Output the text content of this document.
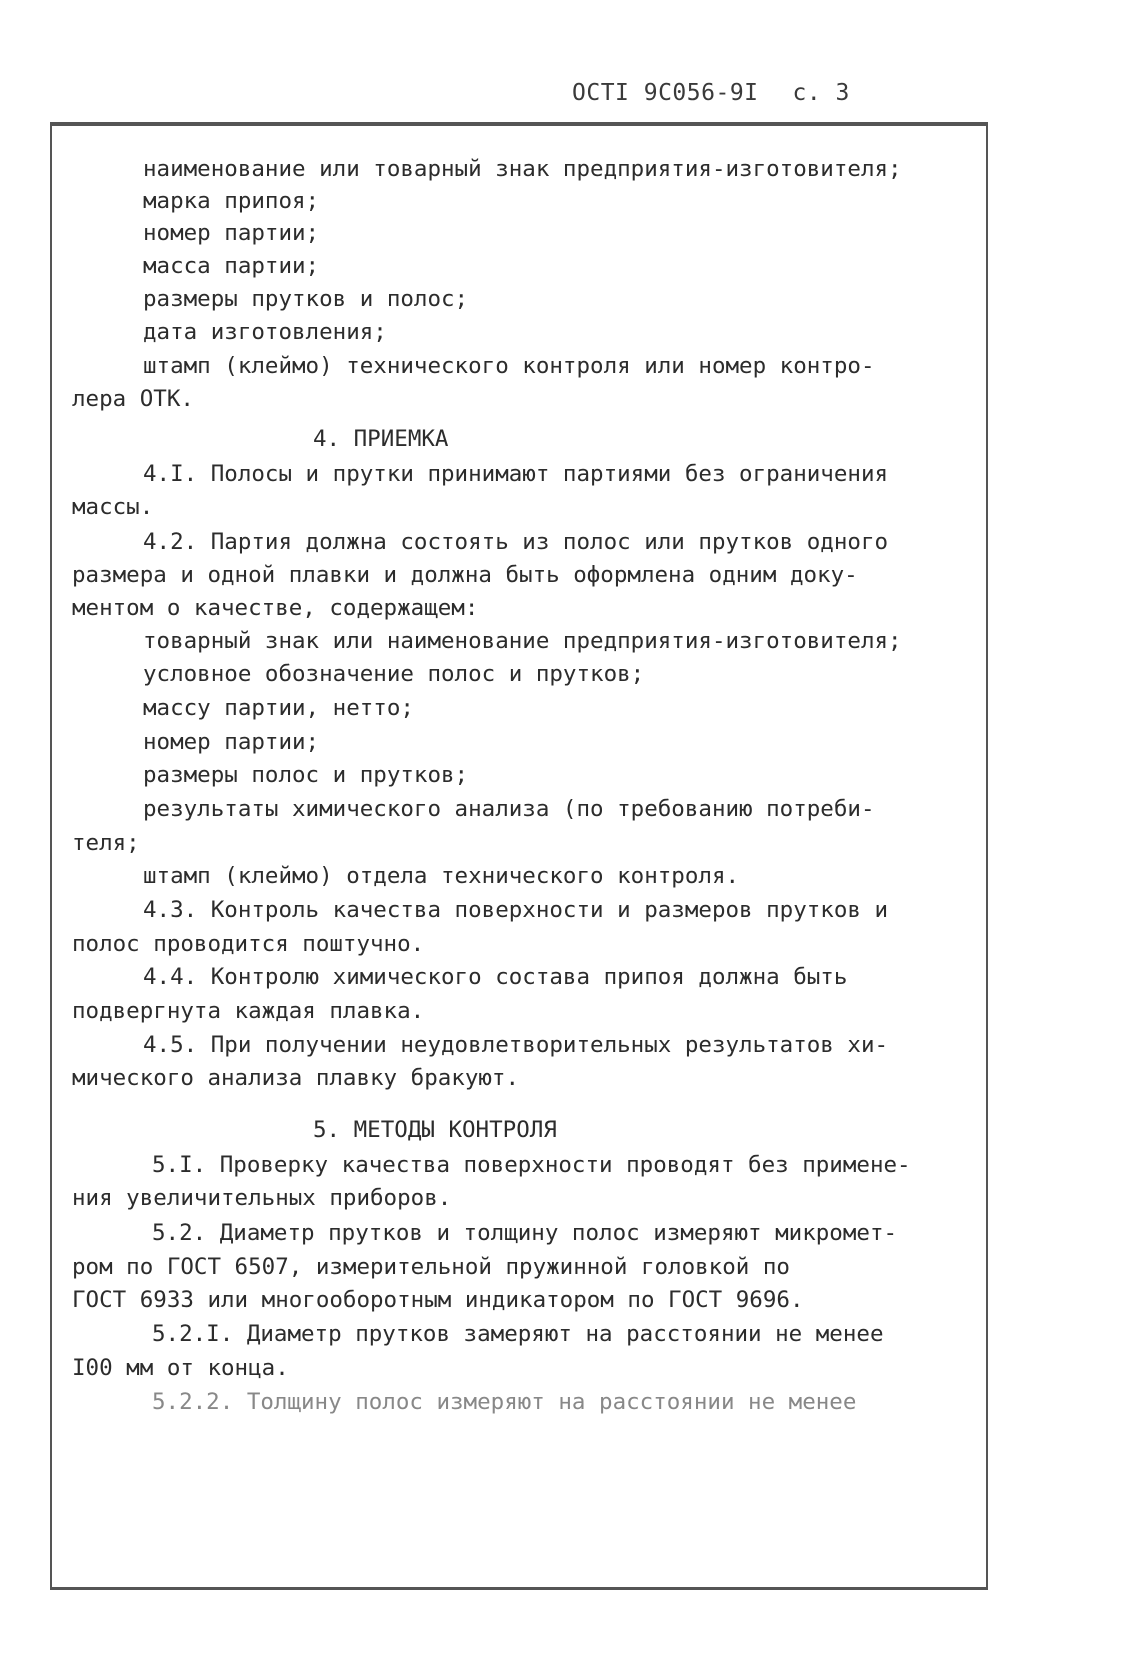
ОСТI 9С056-9I с. 3
наименование или товарный знак предприятия-изготовителя;
марка припоя;
номер партии;
масса партии;
размеры прутков и полос;
дата изготовления;
штамп (клеймо) технического контроля или номер контро-
лера ОТК.
4. ПРИЕМКА
4.I. Полосы и прутки принимают партиями без ограничения
массы.
4.2. Партия должна состоять из полос или прутков одного
размера и одной плавки и должна быть оформлена одним доку-
ментом о качестве, содержащем:
товарный знак или наименование предприятия-изготовителя;
условное обозначение полос и прутков;
массу партии, нетто;
номер партии;
размеры полос и прутков;
результаты химического анализа (по требованию потреби-
теля;
штамп (клеймо) отдела технического контроля.
4.3. Контроль качества поверхности и размеров прутков и
полос проводится поштучно.
4.4. Контролю химического состава припоя должна быть
подвергнута каждая плавка.
4.5. При получении неудовлетворительных результатов хи-
мического анализа плавку бракуют.
5. МЕТОДЫ КОНТРОЛЯ
5.I. Проверку качества поверхности проводят без примене-
ния увеличительных приборов.
5.2. Диаметр прутков и толщину полос измеряют микромет-
ром по ГОСТ 6507, измерительной пружинной головкой по
ГОСТ 6933 или многооборотным индикатором по ГОСТ 9696.
5.2.I. Диаметр прутков замеряют на расстоянии не менее
I00 мм от конца.
5.2.2. Толщину полос измеряют на расстоянии не менее
